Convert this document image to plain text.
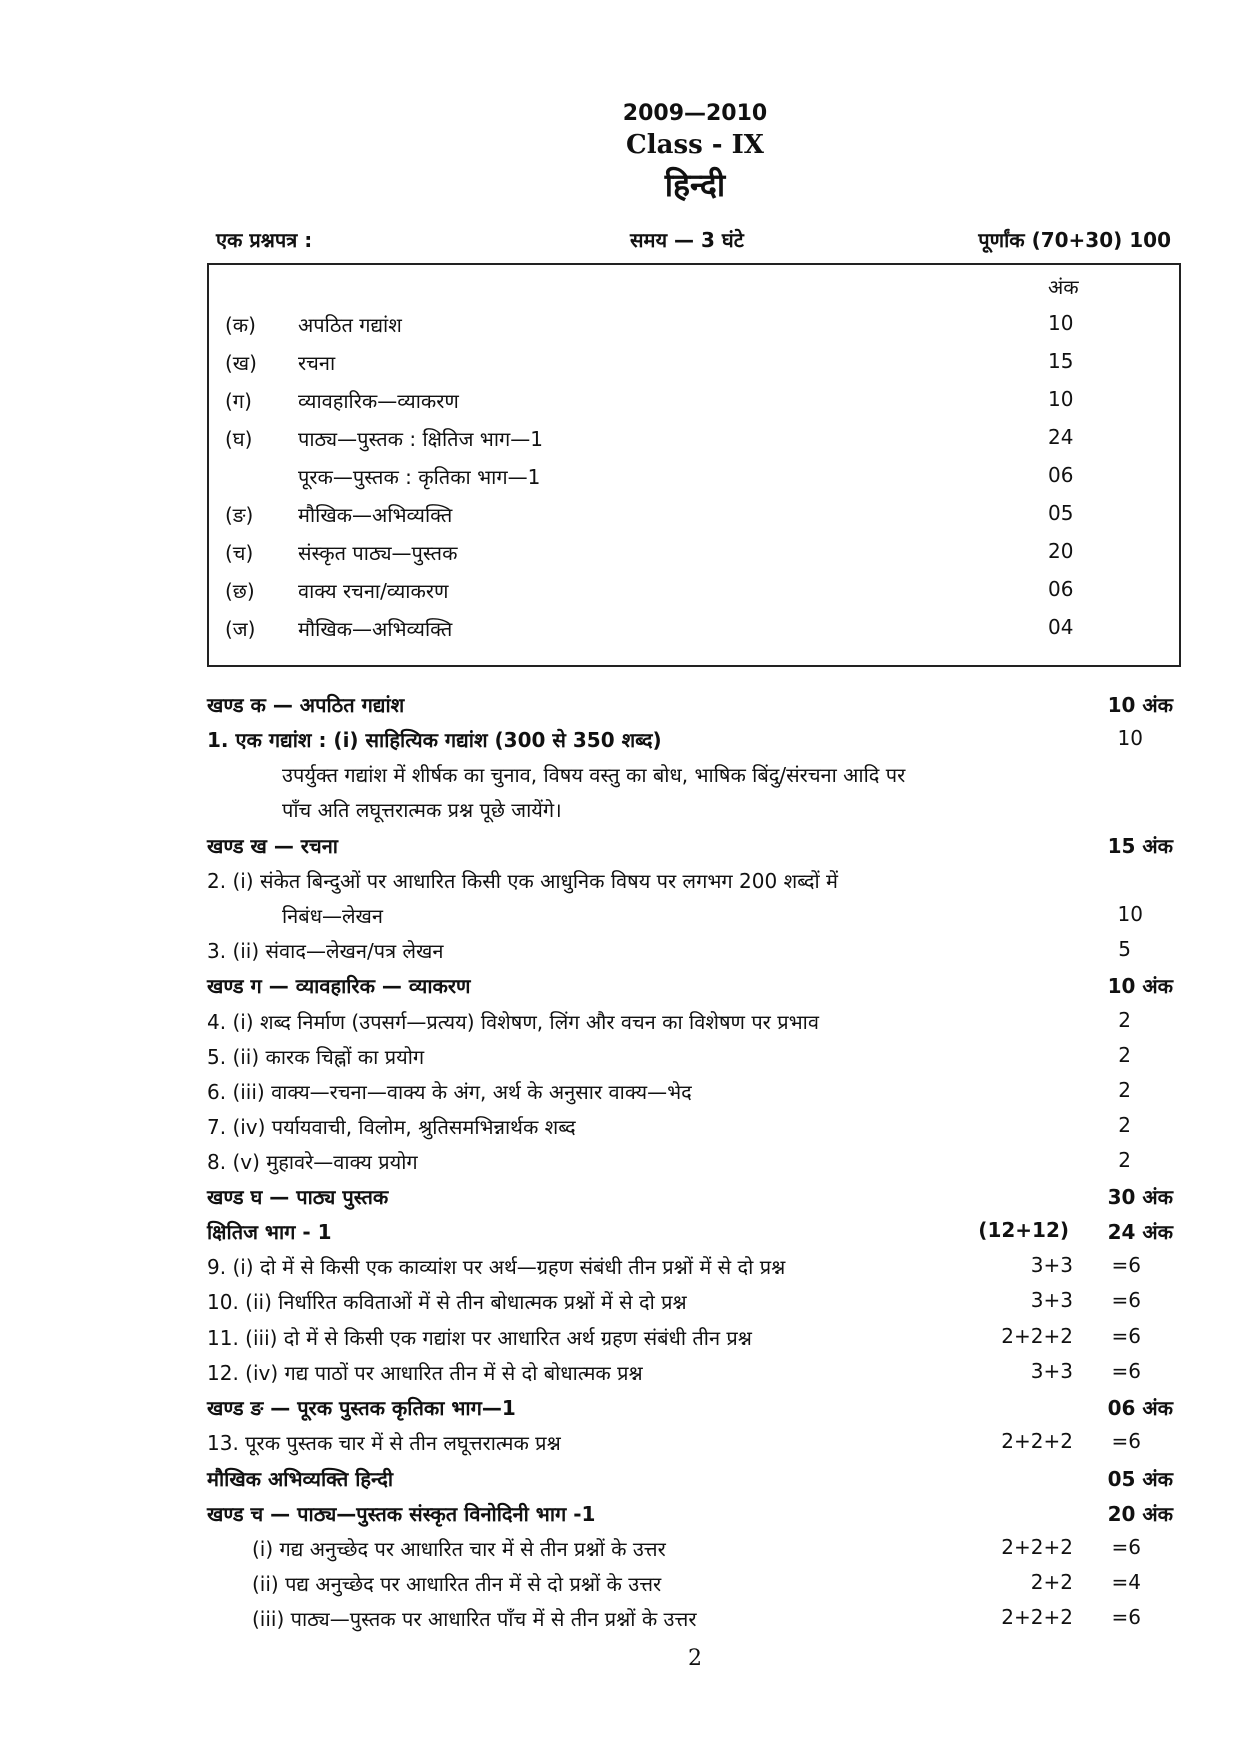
2009—2010
Class - IX
हिन्दी
एक प्रश्नपत्र :	समय — 3 घंटे	पूर्णांक (70+30) 100
अंक
(क) अपठित गद्यांश	10
(ख) रचना	15
(ग) व्यावहारिक—व्याकरण	10
(घ) पाठ्य—पुस्तक : क्षितिज भाग—1	24
पूरक—पुस्तक : कृतिका भाग—1	06
(ङ) मौखिक—अभिव्यक्ति	05
(च) संस्कृत पाठ्य—पुस्तक	20
(छ) वाक्य रचना/व्याकरण	06
(ज) मौखिक—अभिव्यक्ति	04
खण्ड क — अपठित गद्यांश	10 अंक
1. एक गद्यांश : (i) साहित्यिक गद्यांश (300 से 350 शब्द)	10
उपर्युक्त गद्यांश में शीर्षक का चुनाव, विषय वस्तु का बोध, भाषिक बिंदु/संरचना आदि पर
पाँच अति लघूत्तरात्मक प्रश्न पूछे जायेंगे।
खण्ड ख — रचना	15 अंक
2. (i) संकेत बिन्दुओं पर आधारित किसी एक आधुनिक विषय पर लगभग 200 शब्दों में
निबंध—लेखन	10
3. (ii) संवाद—लेखन/पत्र लेखन	5
खण्ड ग — व्यावहारिक — व्याकरण	10 अंक
4. (i) शब्द निर्माण (उपसर्ग—प्रत्यय) विशेषण, लिंग और वचन का विशेषण पर प्रभाव	2
5. (ii) कारक चिह्नों का प्रयोग	2
6. (iii) वाक्य—रचना—वाक्य के अंग, अर्थ के अनुसार वाक्य—भेद	2
7. (iv) पर्यायवाची, विलोम, श्रुतिसमभिन्नार्थक शब्द	2
8. (v) मुहावरे—वाक्य प्रयोग	2
खण्ड घ — पाठ्य पुस्तक	30 अंक
क्षितिज भाग - 1	(12+12) 24 अंक
9. (i) दो में से किसी एक काव्यांश पर अर्थ—ग्रहण संबंधी तीन प्रश्नों में से दो प्रश्न	3+3 =6
10. (ii) निर्धारित कविताओं में से तीन बोधात्मक प्रश्नों में से दो प्रश्न	3+3 =6
11. (iii) दो में से किसी एक गद्यांश पर आधारित अर्थ ग्रहण संबंधी तीन प्रश्न	2+2+2 =6
12. (iv) गद्य पाठों पर आधारित तीन में से दो बोधात्मक प्रश्न	3+3 =6
खण्ड ङ — पूरक पुस्तक कृतिका भाग—1	06 अंक
13. पूरक पुस्तक चार में से तीन लघूत्तरात्मक प्रश्न	2+2+2 =6
मौखिक अभिव्यक्ति हिन्दी	05 अंक
खण्ड च — पाठ्य—पुस्तक संस्कृत विनोदिनी भाग -1	20 अंक
(i) गद्य अनुच्छेद पर आधारित चार में से तीन प्रश्नों के उत्तर	2+2+2 =6
(ii) पद्य अनुच्छेद पर आधारित तीन में से दो प्रश्नों के उत्तर	2+2 =4
(iii) पाठ्य—पुस्तक पर आधारित पाँच में से तीन प्रश्नों के उत्तर	2+2+2 =6
2
